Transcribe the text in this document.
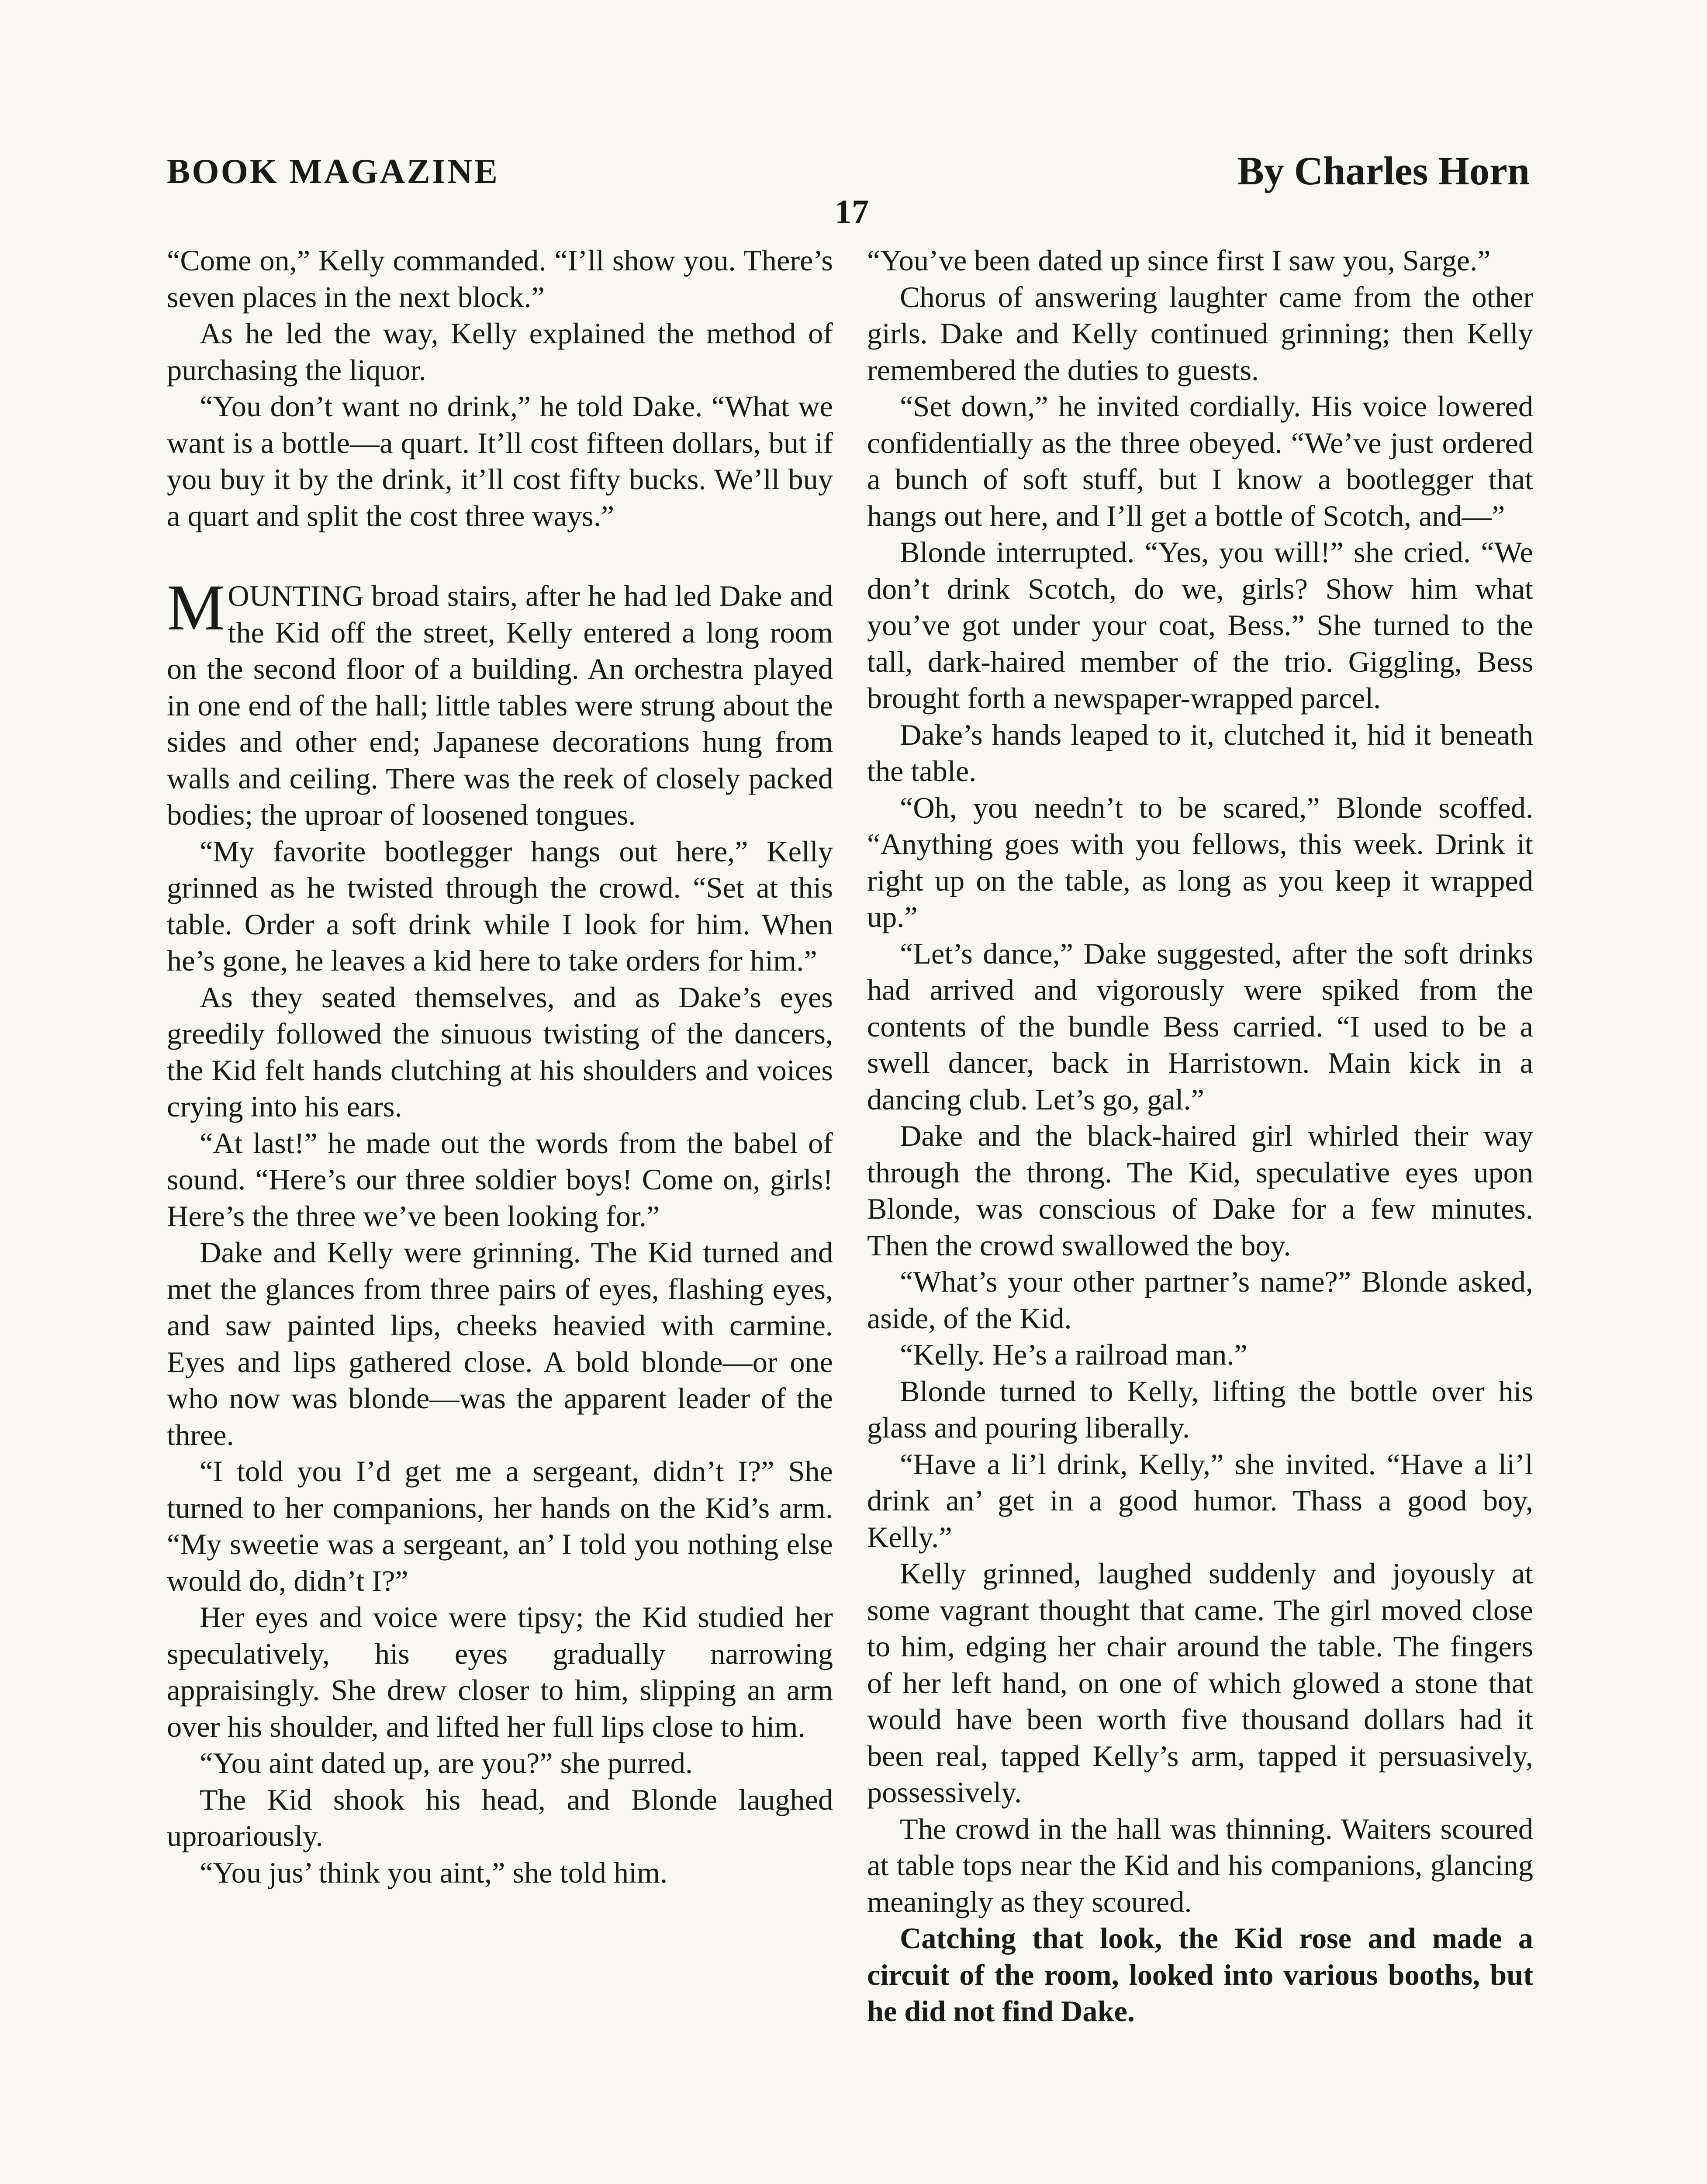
BOOK MAGAZINE	By Charles Horn
17

“Come on,” Kelly commanded. “I’ll show you. There’s seven places in the next block.”

As he led the way, Kelly explained the method of purchasing the liquor.

“You don’t want no drink,” he told Dake. “What we want is a bottle—a quart. It’ll cost fifteen dollars, but if you buy it by the drink, it’ll cost fifty bucks. We’ll buy a quart and split the cost three ways.”

MOUNTING broad stairs, after he had led Dake and the Kid off the street, Kelly entered a long room on the second floor of a building. An orchestra played in one end of the hall; little tables were strung about the sides and other end; Japanese decorations hung from walls and ceiling. There was the reek of closely packed bodies; the uproar of loosened tongues.

“My favorite bootlegger hangs out here,” Kelly grinned as he twisted through the crowd. “Set at this table. Order a soft drink while I look for him. When he’s gone, he leaves a kid here to take orders for him.”

As they seated themselves, and as Dake’s eyes greedily followed the sinuous twisting of the dancers, the Kid felt hands clutching at his shoulders and voices crying into his ears.

“At last!” he made out the words from the babel of sound. “Here’s our three soldier boys! Come on, girls! Here’s the three we’ve been looking for.”

Dake and Kelly were grinning. The Kid turned and met the glances from three pairs of eyes, flashing eyes, and saw painted lips, cheeks heavied with carmine. Eyes and lips gathered close. A bold blonde—or one who now was blonde—was the apparent leader of the three.

“I told you I’d get me a sergeant, didn’t I?” She turned to her companions, her hands on the Kid’s arm. “My sweetie was a sergeant, an’ I told you nothing else would do, didn’t I?”

Her eyes and voice were tipsy; the Kid studied her speculatively, his eyes gradually narrowing appraisingly. She drew closer to him, slipping an arm over his shoulder, and lifted her full lips close to him.

“You aint dated up, are you?” she purred.

The Kid shook his head, and Blonde laughed uproariously.

“You jus’ think you aint,” she told him.

“You’ve been dated up since first I saw you, Sarge.”

Chorus of answering laughter came from the other girls. Dake and Kelly continued grinning; then Kelly remembered the duties to guests.

“Set down,” he invited cordially. His voice lowered confidentially as the three obeyed. “We’ve just ordered a bunch of soft stuff, but I know a bootlegger that hangs out here, and I’ll get a bottle of Scotch, and—”

Blonde interrupted. “Yes, you will!” she cried. “We don’t drink Scotch, do we, girls? Show him what you’ve got under your coat, Bess.” She turned to the tall, dark-haired member of the trio. Giggling, Bess brought forth a newspaper-wrapped parcel.

Dake’s hands leaped to it, clutched it, hid it beneath the table.

“Oh, you needn’t to be scared,” Blonde scoffed. “Anything goes with you fellows, this week. Drink it right up on the table, as long as you keep it wrapped up.”

“Let’s dance,” Dake suggested, after the soft drinks had arrived and vigorously were spiked from the contents of the bundle Bess carried. “I used to be a swell dancer, back in Harristown. Main kick in a dancing club. Let’s go, gal.”

Dake and the black-haired girl whirled their way through the throng. The Kid, speculative eyes upon Blonde, was conscious of Dake for a few minutes. Then the crowd swallowed the boy.

“What’s your other partner’s name?” Blonde asked, aside, of the Kid.

“Kelly. He’s a railroad man.”

Blonde turned to Kelly, lifting the bottle over his glass and pouring liberally.

“Have a li’l drink, Kelly,” she invited. “Have a li’l drink an’ get in a good humor. Thass a good boy, Kelly.”

Kelly grinned, laughed suddenly and joyously at some vagrant thought that came. The girl moved close to him, edging her chair around the table. The fingers of her left hand, on one of which glowed a stone that would have been worth five thousand dollars had it been real, tapped Kelly’s arm, tapped it persuasively, possessively.

The crowd in the hall was thinning. Waiters scoured at table tops near the Kid and his companions, glancing meaningly as they scoured.

Catching that look, the Kid rose and made a circuit of the room, looked into various booths, but he did not find Dake.
